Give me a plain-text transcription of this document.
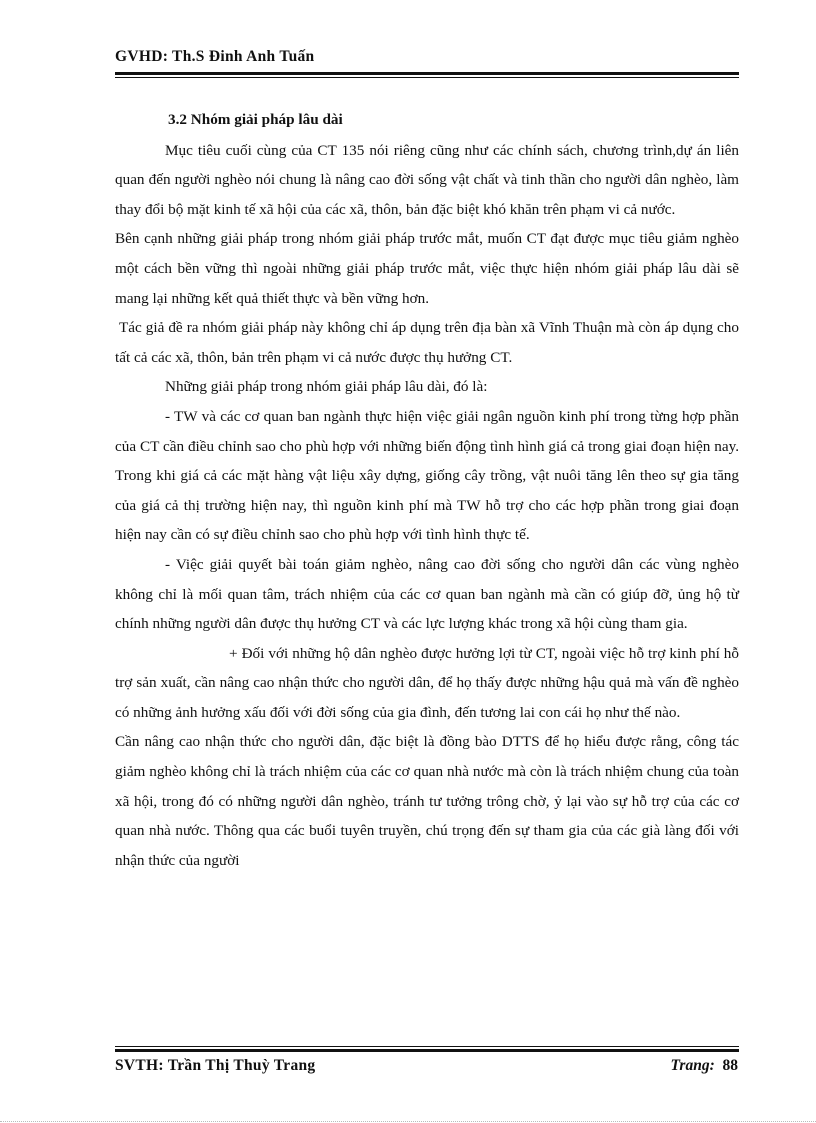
GVHD: Th.S Đinh Anh Tuấn

3.2 Nhóm giải pháp lâu dài

Mục tiêu cuối cùng của CT 135 nói riêng cũng như các chính sách, chương trình,dự án liên quan đến người nghèo nói chung là nâng cao đời sống vật chất và tinh thần cho người dân nghèo, làm thay đổi bộ mặt kinh tế xã hội của các xã, thôn, bản đặc biệt khó khăn trên phạm vi cả nước.

Bên cạnh những giải pháp trong nhóm giải pháp trước mắt, muốn CT đạt được mục tiêu giảm nghèo một cách bền vững thì ngoài những giải pháp trước mắt, việc thực hiện nhóm giải pháp lâu dài sẽ mang lại những kết quả thiết thực và bền vững hơn.

Tác giả đề ra nhóm giải pháp này không chỉ áp dụng trên địa bàn xã Vĩnh Thuận mà còn áp dụng cho tất cả các xã, thôn, bản trên phạm vi cả nước được thụ hưởng CT.

Những giải pháp trong nhóm giải pháp lâu dài, đó là:

- TW và các cơ quan ban ngành thực hiện việc giải ngân nguồn kinh phí trong từng hợp phần của CT cần điều chỉnh sao cho phù hợp với những biến động tình hình giá cả trong giai đoạn hiện nay. Trong khi giá cả các mặt hàng vật liệu xây dựng, giống cây trồng, vật nuôi tăng lên theo sự gia tăng của giá cả thị trường hiện nay, thì nguồn kinh phí mà TW hỗ trợ cho các hợp phần trong giai đoạn hiện nay cần có sự điều chỉnh sao cho phù hợp với tình hình thực tế.

- Việc giải quyết bài toán giảm nghèo, nâng cao đời sống cho người dân các vùng nghèo không chỉ là mối quan tâm, trách nhiệm của các cơ quan ban ngành mà cần có giúp đỡ, ủng hộ từ chính những người dân được thụ hưởng CT và các lực lượng khác trong xã hội cùng tham gia.

+ Đối với những hộ dân nghèo được hưởng lợi từ CT, ngoài việc hỗ trợ kinh phí hỗ trợ sản xuất, cần nâng cao nhận thức cho người dân, để họ thấy được những hậu quả mà vấn đề nghèo có những ảnh hưởng xấu đối với đời sống của gia đình, đến tương lai con cái họ như thế nào.

Cần nâng cao nhận thức cho người dân, đặc biệt là đồng bào DTTS để họ hiểu được rằng, công tác giảm nghèo không chỉ là trách nhiệm của các cơ quan nhà nước mà còn là trách nhiệm chung của toàn xã hội, trong đó có những người dân nghèo, tránh tư tưởng trông chờ, ỷ lại vào sự hỗ trợ của các cơ quan nhà nước. Thông qua các buổi tuyên truyền, chú trọng đến sự tham gia của các già làng đối với nhận thức của người

SVTH: Trần Thị Thuỳ Trang	Trang: 88
